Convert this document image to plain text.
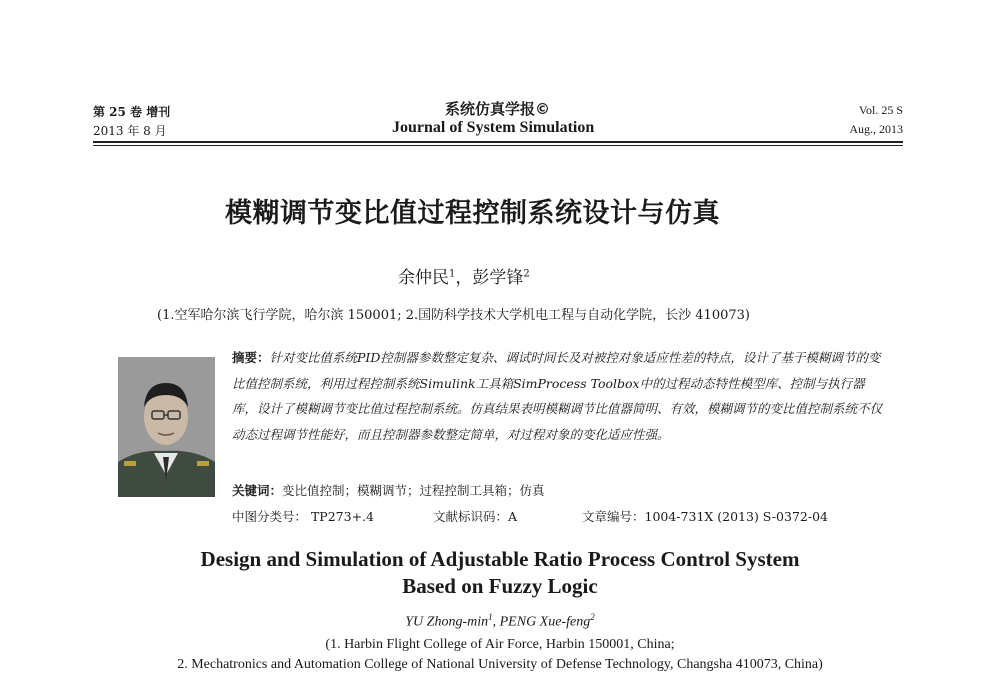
第 25 卷 增刊
2013 年 8 月
系统仿真学报©
Journal of System Simulation
Vol. 25 S
Aug., 2013
模糊调节变比值过程控制系统设计与仿真
余仲民$^1$，彭学锋$^2$
(1.空军哈尔滨飞行学院，哈尔滨 150001; 2.国防科学技术大学机电工程与自动化学院，长沙 410073)
摘要：针对变比值系统PID控制器参数整定复杂、调试时间长及对被控对象适应性差的特点，设计了基于模糊调节的变比值控制系统，利用过程控制系统Simulink工具箱SimProcess Toolbox中的过程动态特性模型库、控制与执行器库，设计了模糊调节变比值过程控制系统。仿真结果表明模糊调节比值器简明、有效，模糊调节的变比值控制系统不仅动态过程调节性能好，而且控制器参数整定简单，对过程对象的变化适应性强。
关键词：变比值控制；模糊调节；过程控制工具箱；仿真
中图分类号： TP273+.4	文献标识码：A	文章编号：1004-731X (2013) S-0372-04
Design and Simulation of Adjustable Ratio Process Control System
Based on Fuzzy Logic
YU Zhong-$\min^1$, PENG Xue-feng$^2$
(1. Harbin Flight College of Air Force, Harbin 150001, China;
2. Mechatronics and Automation College of National University of Defense Technology, Changsha 410073, China)
